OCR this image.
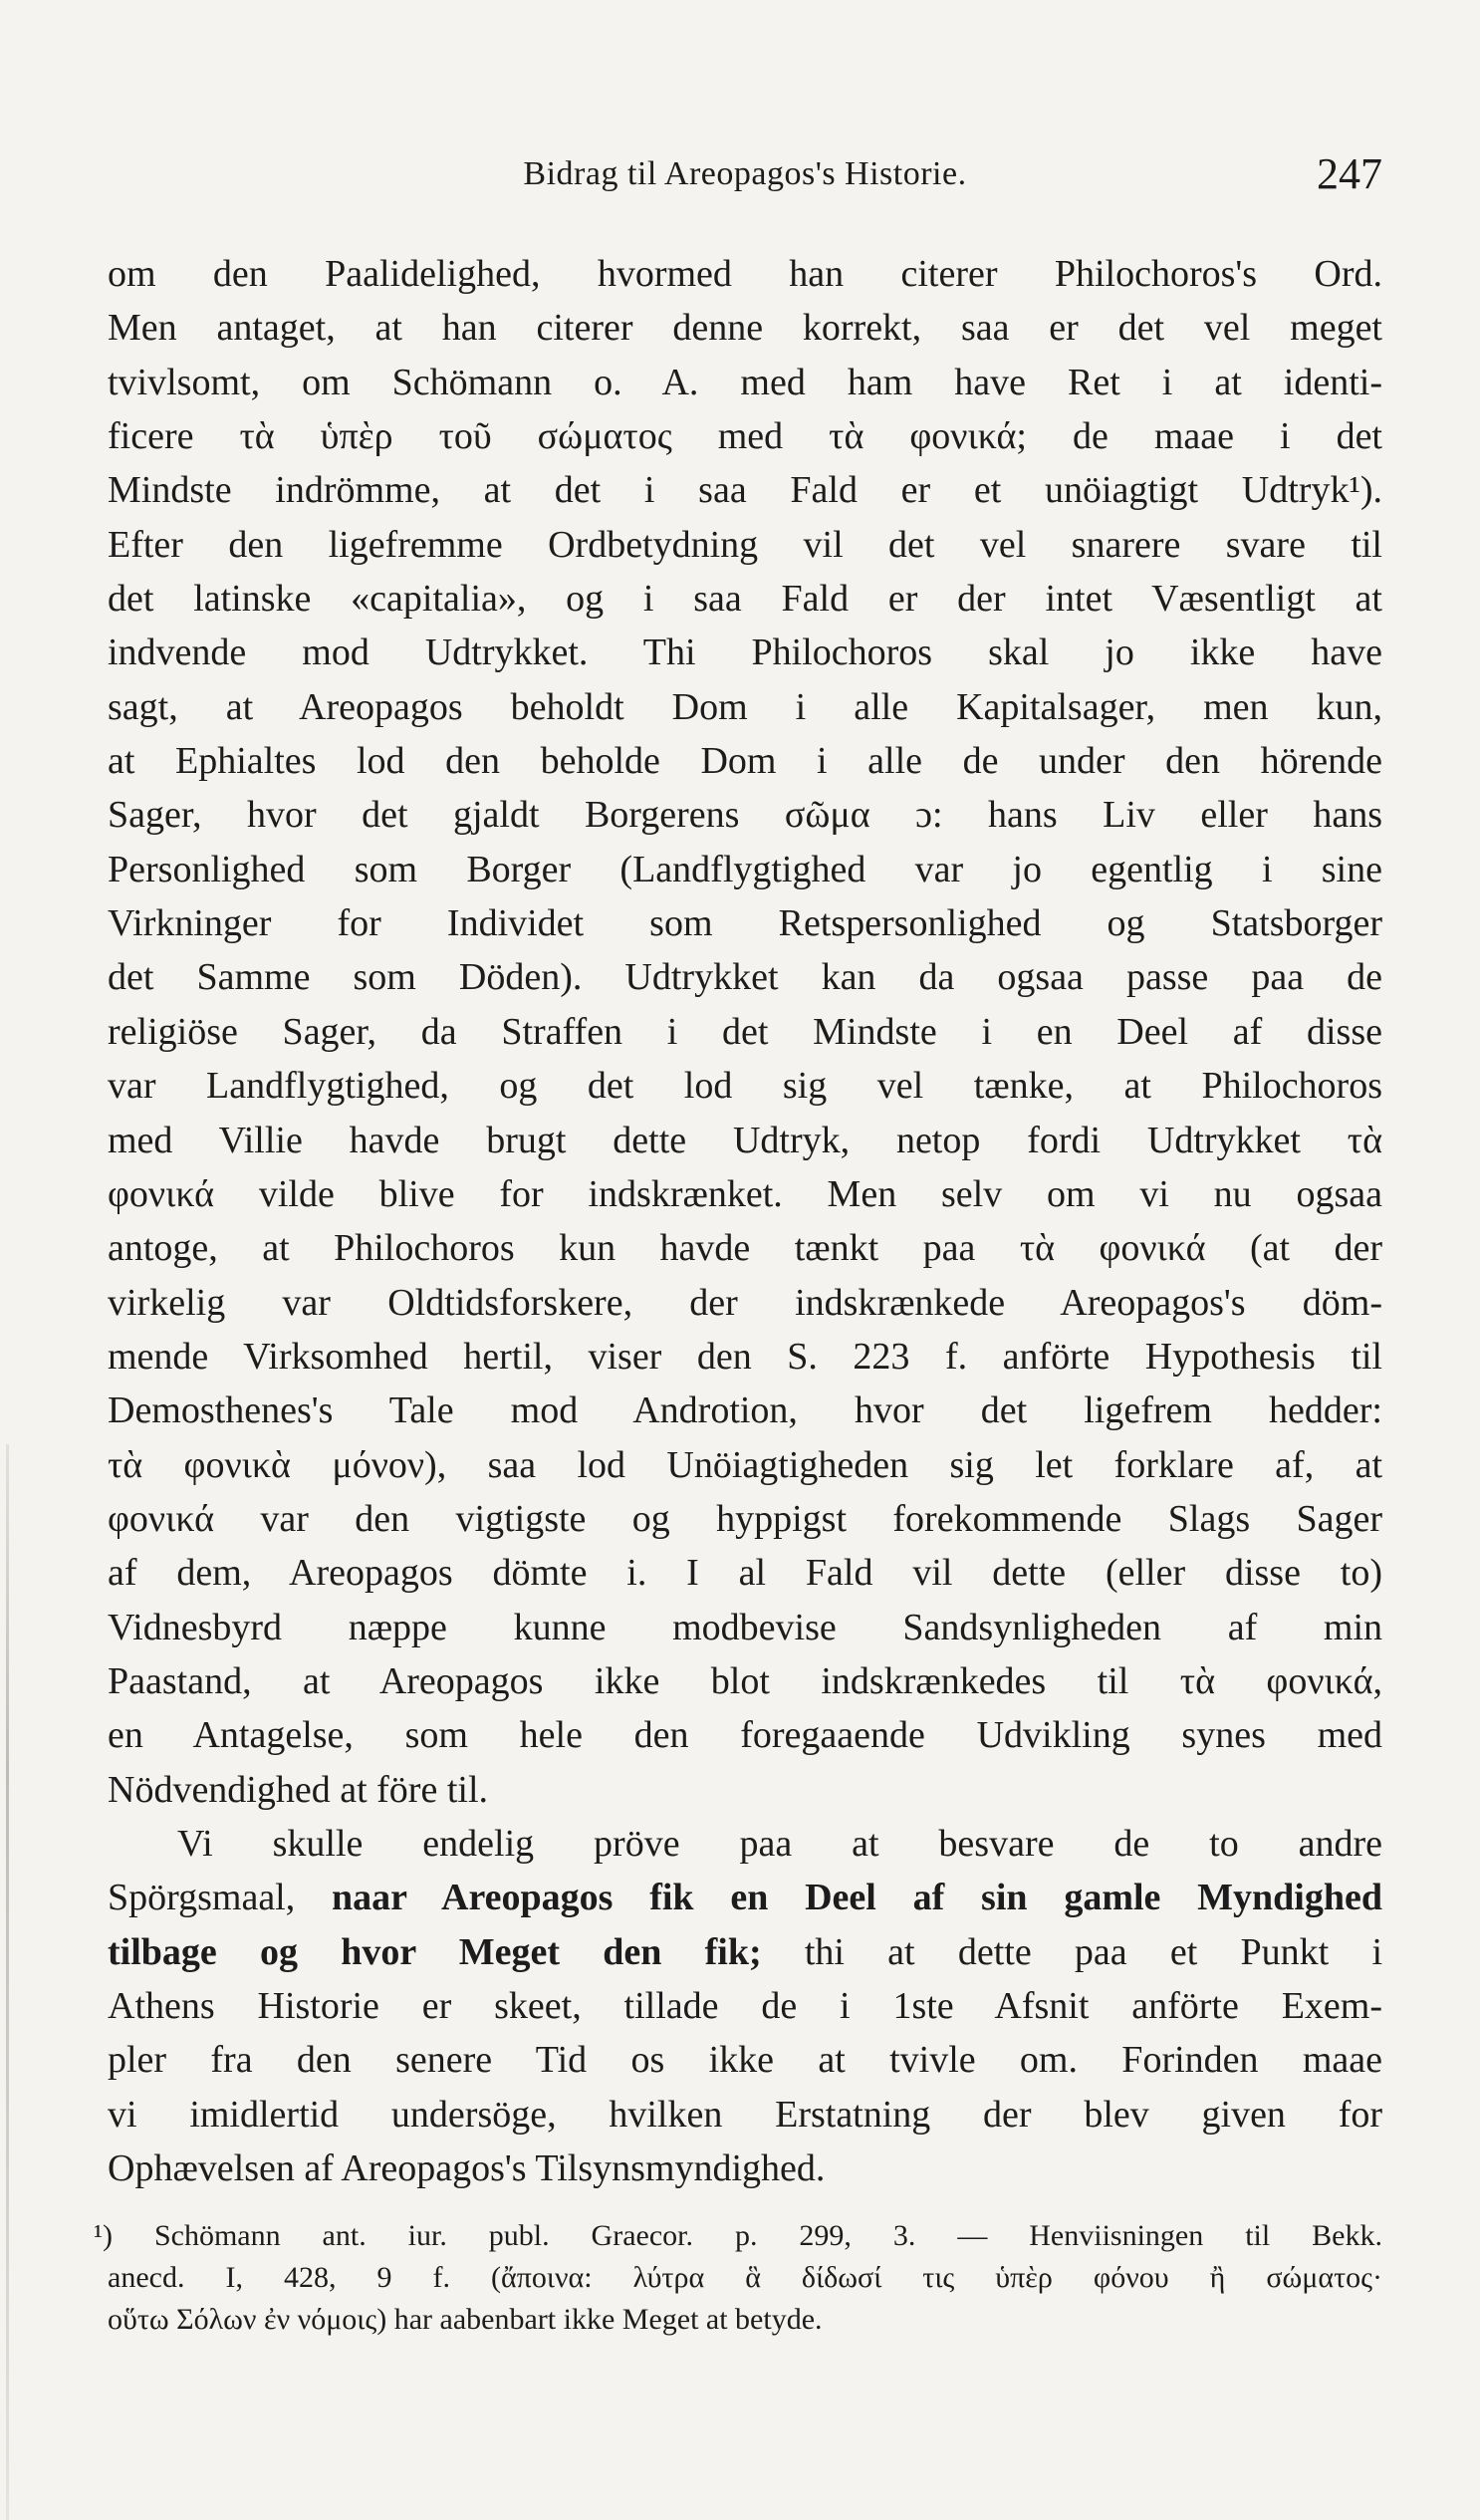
Bidrag til Areopagos's Historie.	247
om den Paalidelighed, hvormed han citerer Philochoros's Ord.
Men antaget, at han citerer denne korrekt, saa er det vel meget
tvivlsomt, om Schömann o. A. med ham have Ret i at identi-
ficere τὰ ὑπὲρ τοῦ σώματος med τὰ φονικά; de maae i det
Mindste indrömme, at det i saa Fald er et unöiagtigt Udtryk¹).
Efter den ligefremme Ordbetydning vil det vel snarere svare til
det latinske «capitalia», og i saa Fald er der intet Væsentligt at
indvende mod Udtrykket. Thi Philochoros skal jo ikke have
sagt, at Areopagos beholdt Dom i alle Kapitalsager, men kun,
at Ephialtes lod den beholde Dom i alle de under den hörende
Sager, hvor det gjaldt Borgerens σῶμα ɔ: hans Liv eller hans
Personlighed som Borger (Landflygtighed var jo egentlig i sine
Virkninger for Individet som Retspersonlighed og Statsborger
det Samme som Döden). Udtrykket kan da ogsaa passe paa de
religiöse Sager, da Straffen i det Mindste i en Deel af disse
var Landflygtighed, og det lod sig vel tænke, at Philochoros
med Villie havde brugt dette Udtryk, netop fordi Udtrykket τὰ
φονικά vilde blive for indskrænket. Men selv om vi nu ogsaa
antoge, at Philochoros kun havde tænkt paa τὰ φονικά (at der
virkelig var Oldtidsforskere, der indskrænkede Areopagos's döm-
mende Virksomhed hertil, viser den S. 223 f. anförte Hypothesis til
Demosthenes's Tale mod Androtion, hvor det ligefrem hedder:
τὰ φονικὰ μόνον), saa lod Unöiagtigheden sig let forklare af, at
φονικά var den vigtigste og hyppigst forekommende Slags Sager
af dem, Areopagos dömte i. I al Fald vil dette (eller disse to)
Vidnesbyrd næppe kunne modbevise Sandsynligheden af min
Paastand, at Areopagos ikke blot indskrænkedes til τὰ φονικά,
en Antagelse, som hele den foregaaende Udvikling synes med
Nödvendighed at före til.
Vi skulle endelig pröve paa at besvare de to andre
Spörgsmaal, naar Areopagos fik en Deel af sin gamle Myndighed
tilbage og hvor Meget den fik; thi at dette paa et Punkt i
Athens Historie er skeet, tillade de i 1ste Afsnit anförte Exem-
pler fra den senere Tid os ikke at tvivle om. Forinden maae
vi imidlertid undersöge, hvilken Erstatning der blev given for
Ophævelsen af Areopagos's Tilsynsmyndighed.
¹) Schömann ant. iur. publ. Graecor. p. 299, 3. — Henviisningen til Bekk.
anecd. I, 428, 9 f. (ἄποινα: λύτρα ἃ δίδωσί τις ὑπὲρ φόνου ἢ σώματος·
οὕτω Σόλων ἐν νόμοις) har aabenbart ikke Meget at betyde.
